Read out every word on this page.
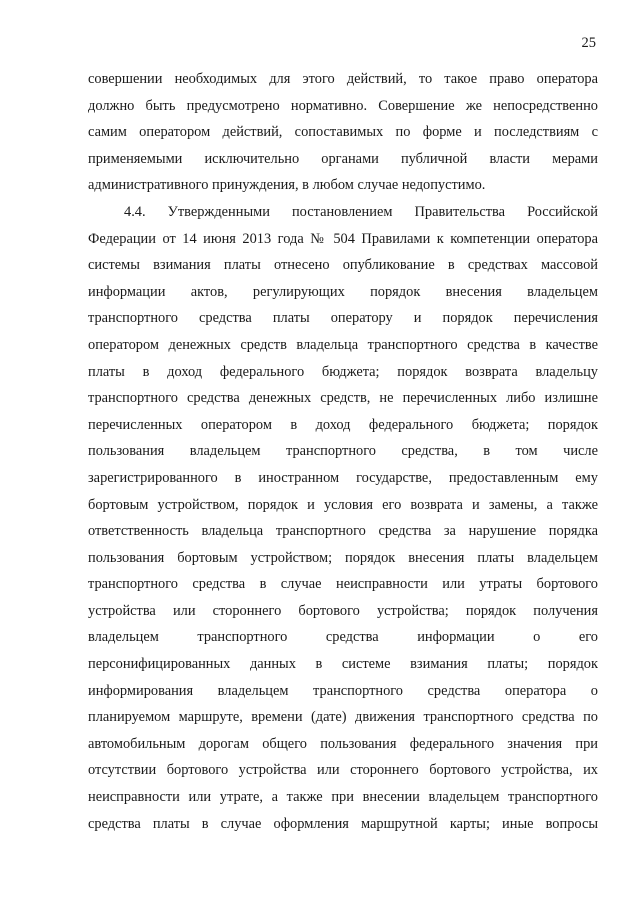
25
совершении необходимых для этого действий, то такое право оператора
должно быть предусмотрено нормативно. Совершение же непосредственно
самим оператором действий, сопоставимых по форме и последствиям с
применяемыми исключительно органами публичной власти мерами
административного принуждения, в любом случае недопустимо.
4.4. Утвержденными постановлением Правительства Российской
Федерации от 14 июня 2013 года № 504 Правилами к компетенции оператора
системы взимания платы отнесено опубликование в средствах массовой
информации актов, регулирующих порядок внесения владельцем
транспортного средства платы оператору и порядок перечисления
оператором денежных средств владельца транспортного средства в качестве
платы в доход федерального бюджета; порядок возврата владельцу
транспортного средства денежных средств, не перечисленных либо излишне
перечисленных оператором в доход федерального бюджета; порядок
пользования владельцем транспортного средства, в том числе
зарегистрированного в иностранном государстве, предоставленным ему
бортовым устройством, порядок и условия его возврата и замены, а также
ответственность владельца транспортного средства за нарушение порядка
пользования бортовым устройством; порядок внесения платы владельцем
транспортного средства в случае неисправности или утраты бортового
устройства или стороннего бортового устройства; порядок получения
владельцем транспортного средства информации о его
персонифицированных данных в системе взимания платы; порядок
информирования владельцем транспортного средства оператора о
планируемом маршруте, времени (дате) движения транспортного средства по
автомобильным дорогам общего пользования федерального значения при
отсутствии бортового устройства или стороннего бортового устройства, их
неисправности или утрате, а также при внесении владельцем транспортного
средства платы в случае оформления маршрутной карты; иные вопросы
